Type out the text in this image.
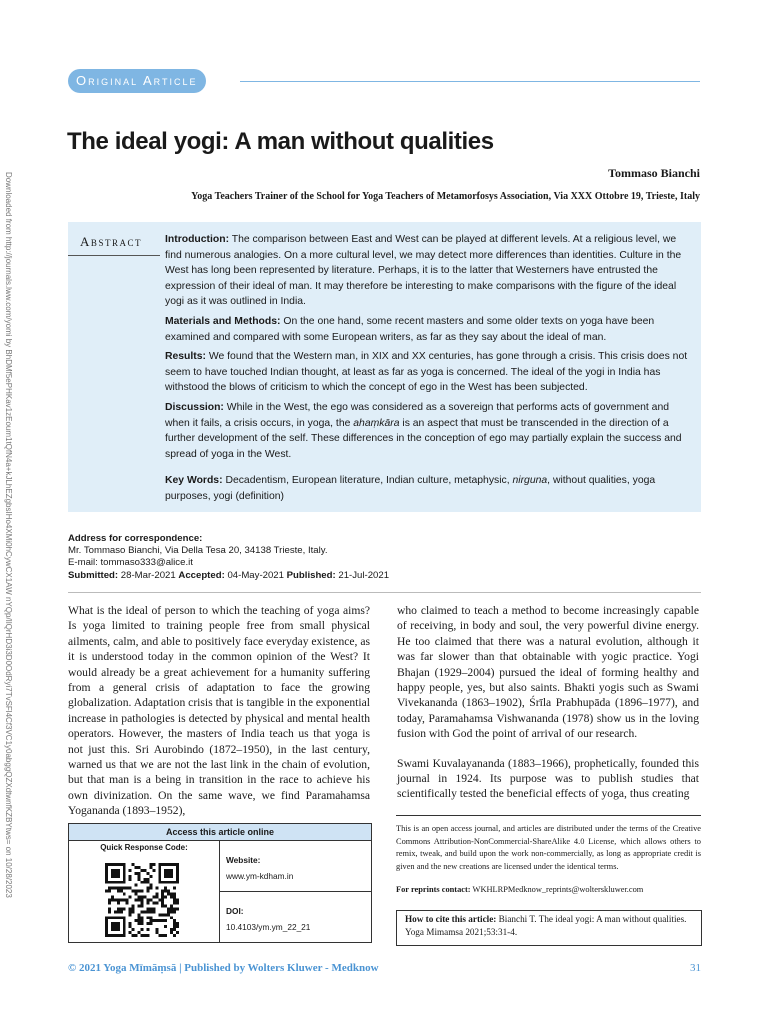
Original Article
The ideal yogi: A man without qualities
Tommaso Bianchi
Yoga Teachers Trainer of the School for Yoga Teachers of Metamorfosys Association, Via XXX Ottobre 19, Trieste, Italy
Downloaded from http://journals.lww.com/yomi by BhDMf5ePHKav1zEoum1tQfN4a+kJLhEZgbsIHo4XMi0hCywCX1AW nYQp/IlQrHD3i3D0OdRyi7TvSFl4Cf3VC1y0abggQZXdtwnfKZBYtws= on 10/28/2023	Abstract	Introduction: The comparison between East and West can be played at different levels. At a religious level, we find numerous analogies. On a more cultural level, we may detect more differences than identities. Culture in the West has long been represented by literature. Perhaps, it is to the latter that Westerners have entrusted the expression of their ideal of man. It may therefore be interesting to make comparisons with the figure of the ideal yogi as it was outlined in India.

Materials and Methods: On the one hand, some recent masters and some older texts on yoga have been examined and compared with some European writers, as far as they say about the ideal of man.

Results: We found that the Western man, in XIX and XX centuries, has gone through a crisis. This crisis does not seem to have touched Indian thought, at least as far as yoga is concerned. The ideal of the yogi in India has withstood the blows of criticism to which the concept of ego in the West has been subjected.

Discussion: While in the West, the ego was considered as a sovereign that performs acts of government and when it fails, a crisis occurs, in yoga, the ahaṃkāra is an aspect that must be transcended in the direction of a further development of the self. These differences in the conception of ego may partially explain the success and spread of yoga in the West.

Key Words: Decadentism, European literature, Indian culture, metaphysic, nirguna, without qualities, yoga purposes, yogi (definition)
Address for correspondence:
Mr. Tommaso Bianchi, Via Della Tesa 20, 34138 Trieste, Italy.
E-mail: tommaso333@alice.it
Submitted: 28-Mar-2021 Accepted: 04-May-2021 Published: 21-Jul-2021

What is the ideal of person to which the teaching of yoga aims? Is yoga limited to training people free from small physical ailments, calm, and able to positively face everyday existence, as it is understood today in the common opinion of the West? It would already be a great achievement for a humanity suffering from a general crisis of adaptation to face the growing globalization. Adaptation crisis that is tangible in the exponential increase in pathologies is detected by physical and mental health operators. However, the masters of India teach us that yoga is not just this. Sri Aurobindo (1872–1950), in the last century, warned us that we are not the last link in the chain of evolution, but that man is a being in transition in the race to achieve his own divinization. On the same wave, we find Paramahamsa Yogananda (1893–1952),

who claimed to teach a method to become increasingly capable of receiving, in body and soul, the very powerful divine energy. He too claimed that there was a natural evolution, although it was far slower than that obtainable with yogic practice. Yogi Bhajan (1929–2004) pursued the ideal of forming healthy and happy people, yes, but also saints. Bhakti yogis such as Swami Vivekananda (1863–1902), Śrīla Prabhupāda (1896–1977), and today, Paramahamsa Vishwananda (1978) show us in the loving fusion with God the point of arrival of our research.

Swami Kuvalayananda (1883–1966), prophetically, founded this journal in 1924. Its purpose was to publish studies that scientifically tested the beneficial effects of yoga, thus creating

Access this article online
Quick Response Code:
Website:
www.ym-kdham.in
DOI:
10.4103/ym.ym_22_21
This is an open access journal, and articles are distributed under the terms of the Creative Commons Attribution-NonCommercial-ShareAlike 4.0 License, which allows others to remix, tweak, and build upon the work non-commercially, as long as appropriate credit is given and the new creations are licensed under the identical terms.
For reprints contact: WKHLRPMedknow_reprints@wolterskluwer.com
How to cite this article: Bianchi T. The ideal yogi: A man without qualities. Yoga Mimamsa 2021;53:31-4.
© 2021 Yoga Mīmāṃsā | Published by Wolters Kluwer - Medknow	31
